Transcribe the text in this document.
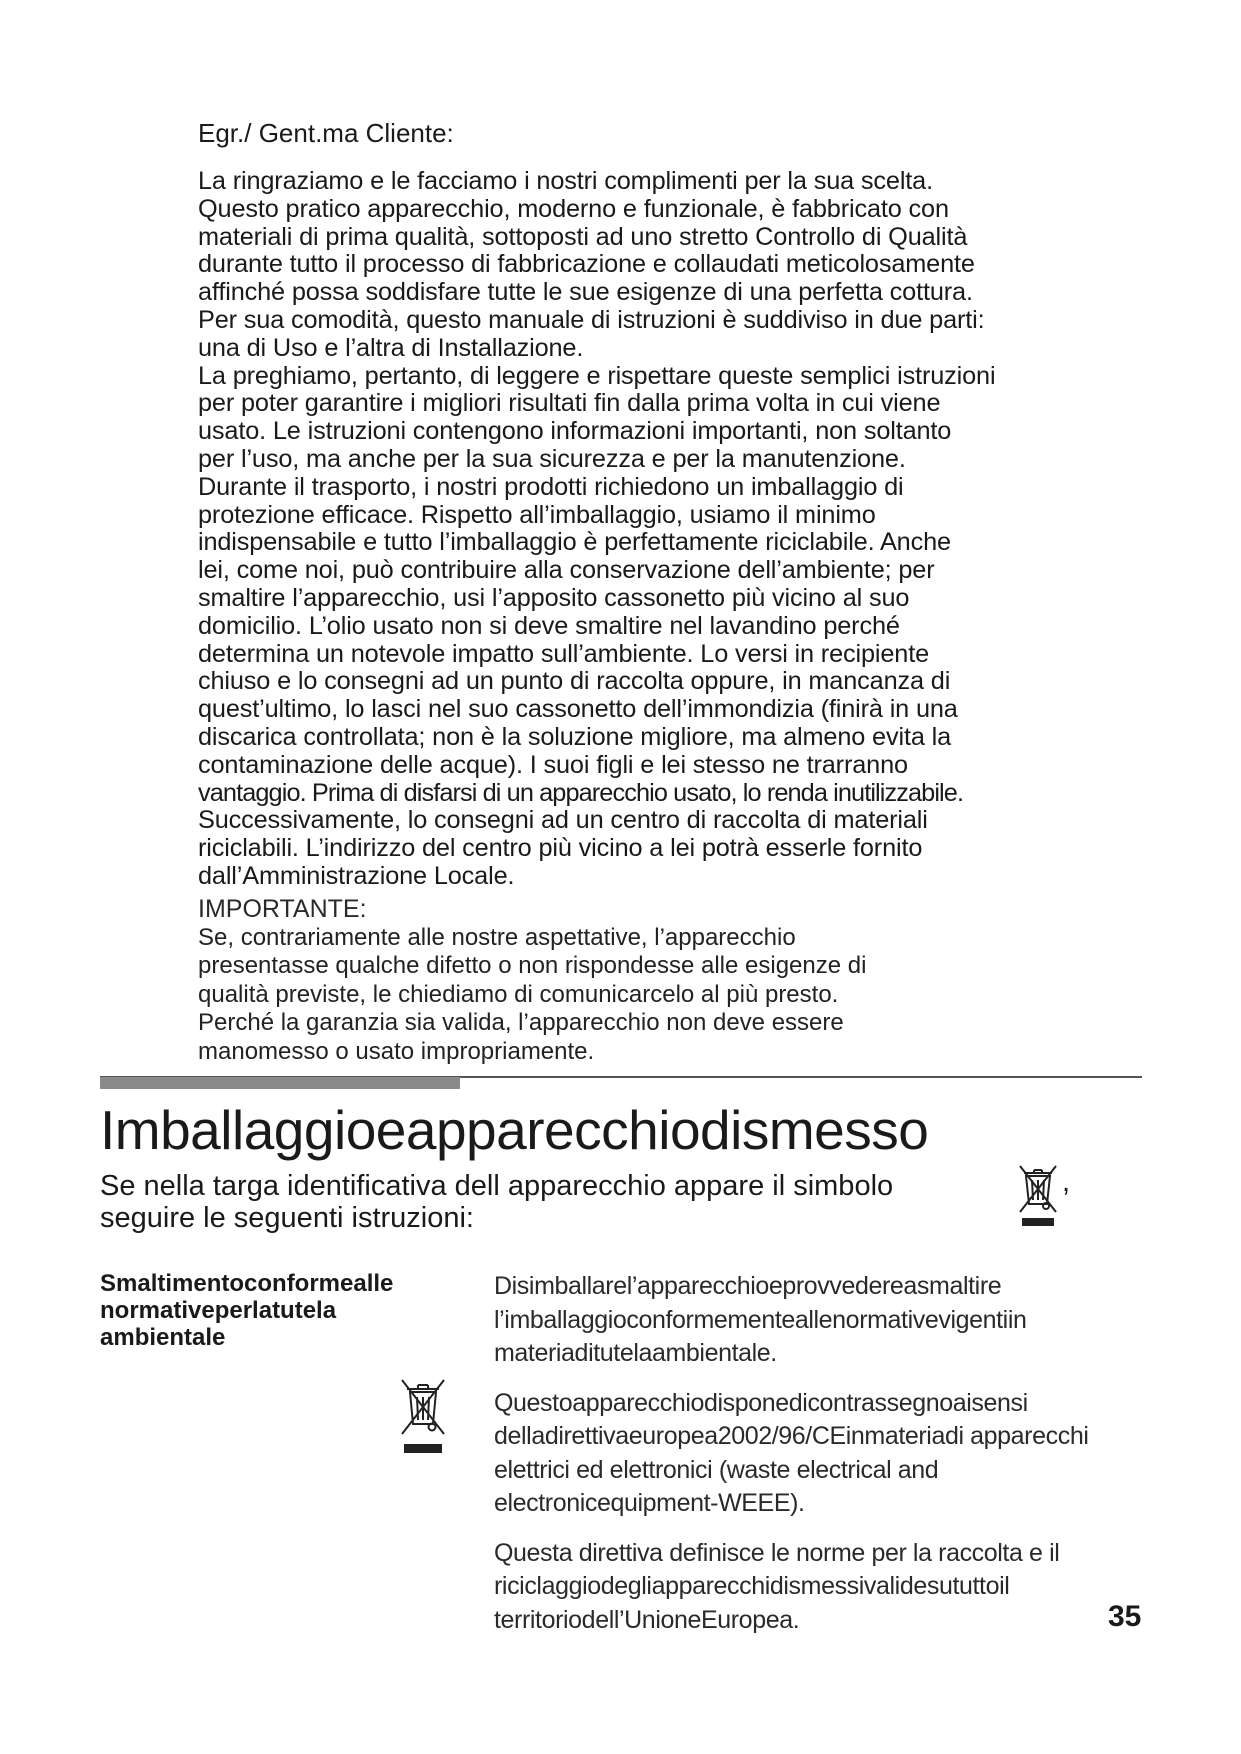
Egr./ Gent.ma Cliente:

La ringraziamo e le facciamo i nostri complimenti per la sua scelta.

Questo pratico apparecchio, moderno e funzionale, è fabbricato con

materiali di prima qualità, sottoposti ad uno stretto Controllo di Qualità

durante tutto il processo di fabbricazione e collaudati meticolosamente

affinché possa soddisfare tutte le sue esigenze di una perfetta cottura.

Per sua comodità, questo manuale di istruzioni è suddiviso in due parti:

una di Uso e l’altra di Installazione.

La preghiamo, pertanto, di leggere e rispettare queste semplici istruzioni

per poter garantire i migliori risultati fin dalla prima volta in cui viene

usato. Le istruzioni contengono informazioni importanti, non soltanto

per l’uso, ma anche per la sua sicurezza e per la manutenzione.

Durante il trasporto, i nostri prodotti richiedono un imballaggio di

protezione efficace. Rispetto all’imballaggio, usiamo il minimo

indispensabile e tutto l’imballaggio è perfettamente riciclabile. Anche

lei, come noi, può contribuire alla conservazione dell’ambiente; per

smaltire l’apparecchio, usi l’apposito cassonetto più vicino al suo

domicilio. L’olio usato non si deve smaltire nel lavandino perché

determina un notevole impatto sull’ambiente. Lo versi in recipiente

chiuso e lo consegni ad un punto di raccolta oppure, in mancanza di

quest’ultimo, lo lasci nel suo cassonetto dell’immondizia (finirà in una

discarica controllata; non è la soluzione migliore, ma almeno evita la

contaminazione delle acque). I suoi figli e lei stesso ne trarranno

vantaggio. Prima di disfarsi di un apparecchio usato, lo renda inutilizzabile.

Successivamente, lo consegni ad un centro di raccolta di materiali

riciclabili. L’indirizzo del centro più vicino a lei potrà esserle fornito

dall’Amministrazione Locale.

IMPORTANTE:

Se, contrariamente alle nostre aspettative, l’apparecchio

presentasse qualche difetto o non rispondesse alle esigenze di

qualità previste, le chiediamo di comunicarcelo al più presto.

Perché la garanzia sia valida, l’apparecchio non deve essere

manomesso o usato impropriamente.

Imballaggioeapparecchiodismesso

Se nella targa identificativa dell apparecchio appare il simbolo seguire le seguenti istruzioni:

,

Smaltimentoconformealle normativeperlatutela ambientale

Disimballarel’apparecchioeprovvedereasmaltire l’imballaggioconformementeallenormativevigentiin materiaditutelaambientale.

Questoapparecchiodisponedicontrassegnoaisensi delladirettivaeuropea2002/96/CEinmateriadi apparecchi elettrici ed elettronici (waste electrical and electronicequipment-WEEE).

Questa direttiva definisce le norme per la raccolta e il riciclaggiodegliapparecchidismessivalidesututtoil territoriodell’UnioneEuropea.	35
